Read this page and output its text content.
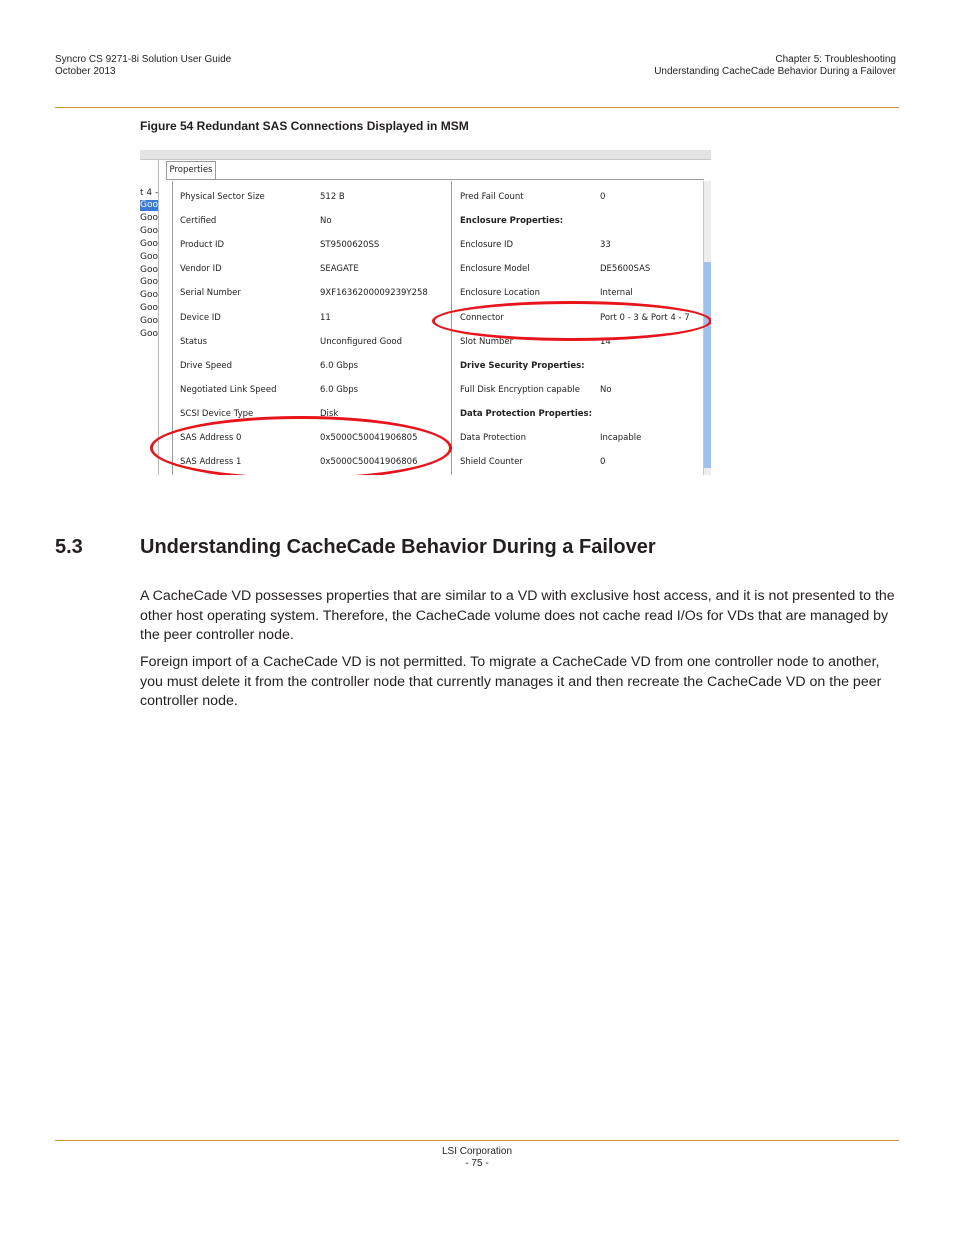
Syncro CS 9271-8i Solution User Guide
October 2013
Chapter 5: Troubleshooting
Understanding CacheCade Behavior During a Failover
Figure 54 Redundant SAS Connections Displayed in MSM
t 4 -
Goo
Goo
Goo
Goo
Goo
Goo
Goo
Goo
Goo
Goo
Goo
Properties
Physical Sector Size	512 B
Certified	No
Product ID	ST9500620SS
Vendor ID	SEAGATE
Serial Number	9XF1636200009239Y258
Device ID	11
Status	Unconfigured Good
Drive Speed	6.0 Gbps
Negotiated Link Speed	6.0 Gbps
SCSI Device Type	Disk
SAS Address 0	0x5000C50041906805
SAS Address 1	0x5000C50041906806
Pred Fail Count	0
Enclosure Properties:
Enclosure ID	33
Enclosure Model	DE5600SAS
Enclosure Location	Internal
Connector	Port 0 - 3 & Port 4 - 7
Slot Number	14
Drive Security Properties:
Full Disk Encryption capable No
Data Protection Properties:
Data Protection	Incapable
Shield Counter	0
5.3	Understanding CacheCade Behavior During a Failover

A CacheCade VD possesses properties that are similar to a VD with exclusive host access, and it is not presented to the other host operating system. Therefore, the CacheCade volume does not cache read I/Os for VDs that are managed by the peer controller node.

Foreign import of a CacheCade VD is not permitted. To migrate a CacheCade VD from one controller node to another, you must delete it from the controller node that currently manages it and then recreate the CacheCade VD on the peer controller node.

LSI Corporation
- 75 -
